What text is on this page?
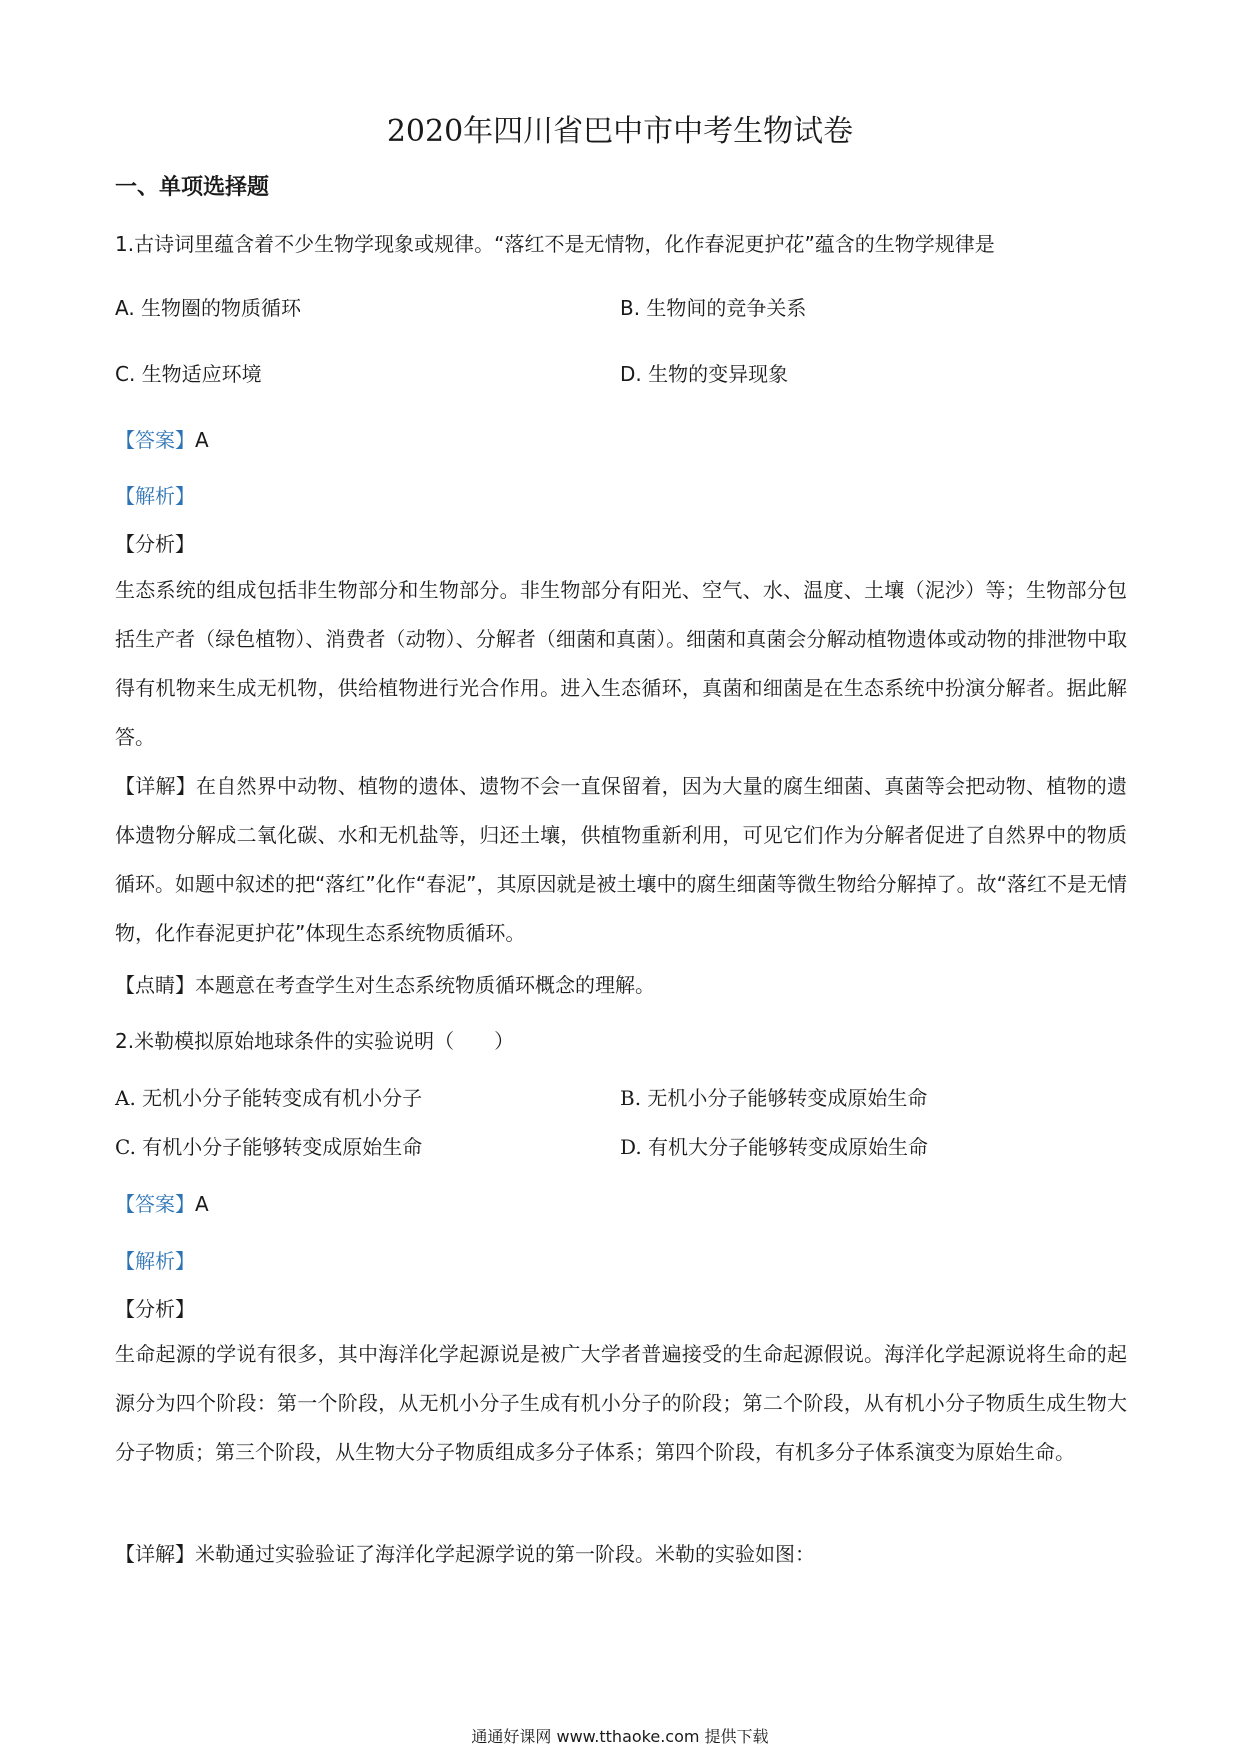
2020年四川省巴中市中考生物试卷
一、单项选择题
1.古诗词里蕴含着不少生物学现象或规律。“落红不是无情物，化作春泥更护花”蕴含的生物学规律是
A. 生物圈的物质循环	B. 生物间的竞争关系
C. 生物适应环境	D. 生物的变异现象
【答案】A
【解析】
【分析】
生态系统的组成包括非生物部分和生物部分。非生物部分有阳光、空气、水、温度、土壤（泥沙）等；生物部分包括生产者（绿色植物）、消费者（动物）、分解者（细菌和真菌）。细菌和真菌会分解动植物遗体或动物的排泄物中取得有机物来生成无机物，供给植物进行光合作用。进入生态循环，真菌和细菌是在生态系统中扮演分解者。据此解答。
【详解】在自然界中动物、植物的遗体、遗物不会一直保留着，因为大量的腐生细菌、真菌等会把动物、植物的遗体遗物分解成二氧化碳、水和无机盐等，归还土壤，供植物重新利用，可见它们作为分解者促进了自然界中的物质循环。如题中叙述的把“落红”化作“春泥”，其原因就是被土壤中的腐生细菌等微生物给分解掉了。故“落红不是无情物，化作春泥更护花”体现生态系统物质循环。
【点睛】本题意在考查学生对生态系统物质循环概念的理解。
2.米勒模拟原始地球条件的实验说明（　　）
A. 无机小分子能转变成有机小分子	B. 无机小分子能够转变成原始生命
C. 有机小分子能够转变成原始生命	D. 有机大分子能够转变成原始生命
【答案】A
【解析】
【分析】
生命起源的学说有很多，其中海洋化学起源说是被广大学者普遍接受的生命起源假说。海洋化学起源说将生命的起源分为四个阶段：第一个阶段，从无机小分子生成有机小分子的阶段；第二个阶段，从有机小分子物质生成生物大分子物质；第三个阶段，从生物大分子物质组成多分子体系；第四个阶段，有机多分子体系演变为原始生命。
【详解】米勒通过实验验证了海洋化学起源学说的第一阶段。米勒的实验如图：
通通好课网 www.tthaoke.com 提供下载
